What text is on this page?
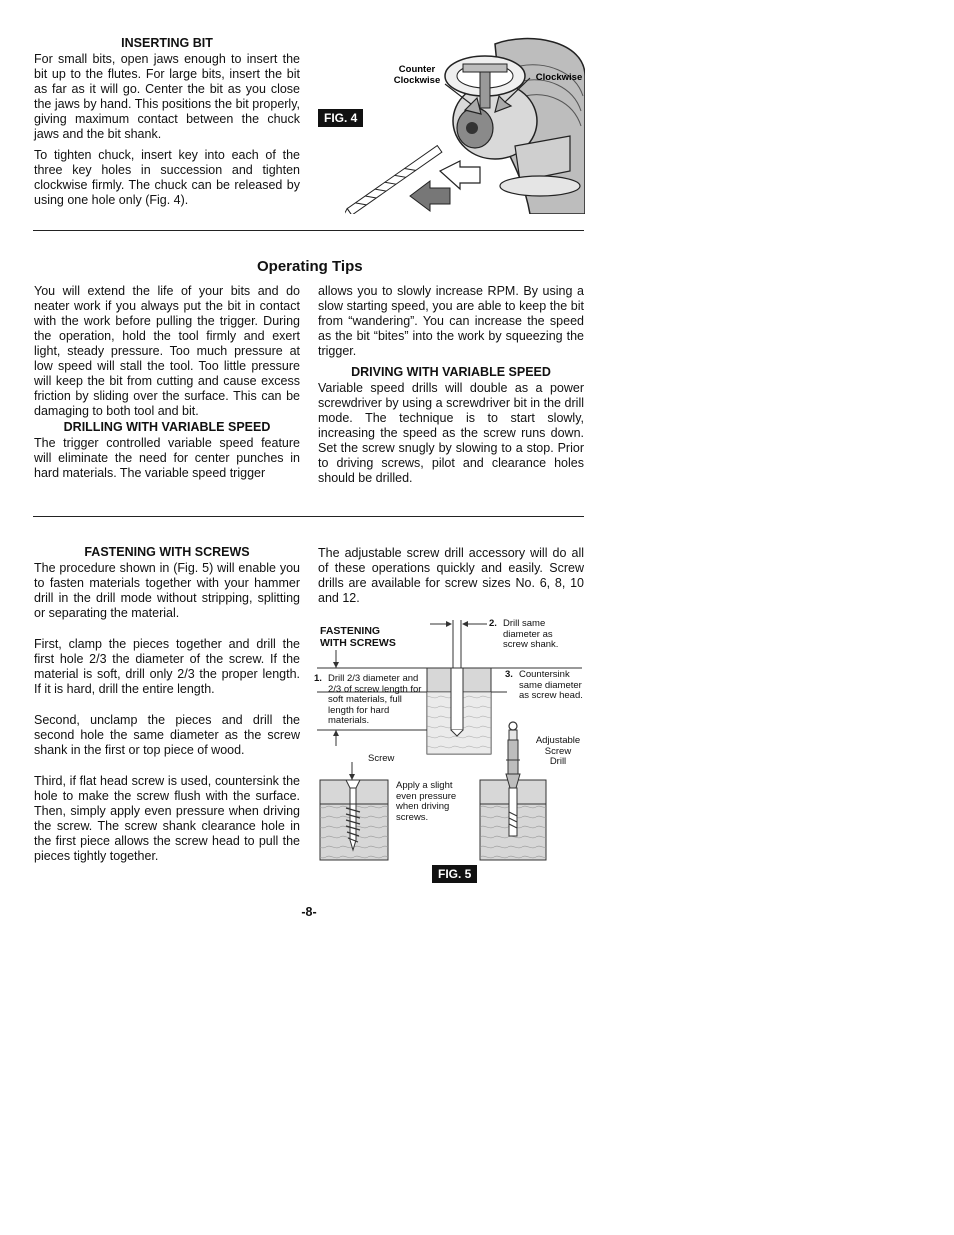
INSERTING BIT

For small bits, open jaws enough to insert the bit up to the flutes. For large bits, insert the bit as far as it will go. Center the bit as you close the jaws by hand. This positions the bit properly, giving maximum contact between the chuck jaws and the bit shank.

To tighten chuck, insert key into each of the three key holes in succession and tighten clockwise firmly. The chuck can be released by using one hole only (Fig. 4).

FIG. 4
Counter Clockwise	Clockwise
Operating Tips

You will extend the life of your bits and do neater work if you always put the bit in contact with the work before pulling the trigger. During the operation, hold the tool firmly and exert light, steady pressure. Too much pressure at low speed will stall the tool. Too little pressure will keep the bit from cutting and cause excess friction by sliding over the surface. This can be damaging to both tool and bit.

DRILLING WITH VARIABLE SPEED

The trigger controlled variable speed feature will eliminate the need for center punches in hard materials. The variable speed trigger

allows you to slowly increase RPM. By using a slow starting speed, you are able to keep the bit from “wandering”. You can increase the speed as the bit “bites” into the work by squeezing the trigger.

DRIVING WITH VARIABLE SPEED

Variable speed drills will double as a power screwdriver by using a screwdriver bit in the drill mode. The technique is to start slowly, increasing the speed as the screw runs down. Set the screw snugly by slowing to a stop. Prior to driving screws, pilot and clearance holes should be drilled.

FASTENING WITH SCREWS

The procedure shown in (Fig. 5) will enable you to fasten materials together with your hammer drill in the drill mode without stripping, splitting or separating the material.

First, clamp the pieces together and drill the first hole 2/3 the diameter of the screw. If the material is soft, drill only 2/3 the proper length. If it is hard, drill the entire length.

Second, unclamp the pieces and drill the second hole the same diameter as the screw shank in the first or top piece of wood.

Third, if flat head screw is used, countersink the hole to make the screw flush with the surface. Then, simply apply even pressure when driving the screw. The screw shank clearance hole in the first piece allows the screw head to pull the pieces tightly together.

The adjustable screw drill accessory will do all of these operations quickly and easily. Screw drills are available for screw sizes No. 6, 8, 10 and 12.

FASTENING
WITH SCREWS
1. Drill 2/3 diameter and
2/3 of screw length for
soft materials, full
length for hard
materials.
2. Drill same
diameter as
screw shank.
3. Countersink
same diameter
as screw head.
Adjustable
Screw
Drill
Screw
Apply a slight
even pressure
when driving
screws.
FIG. 5
-8-
